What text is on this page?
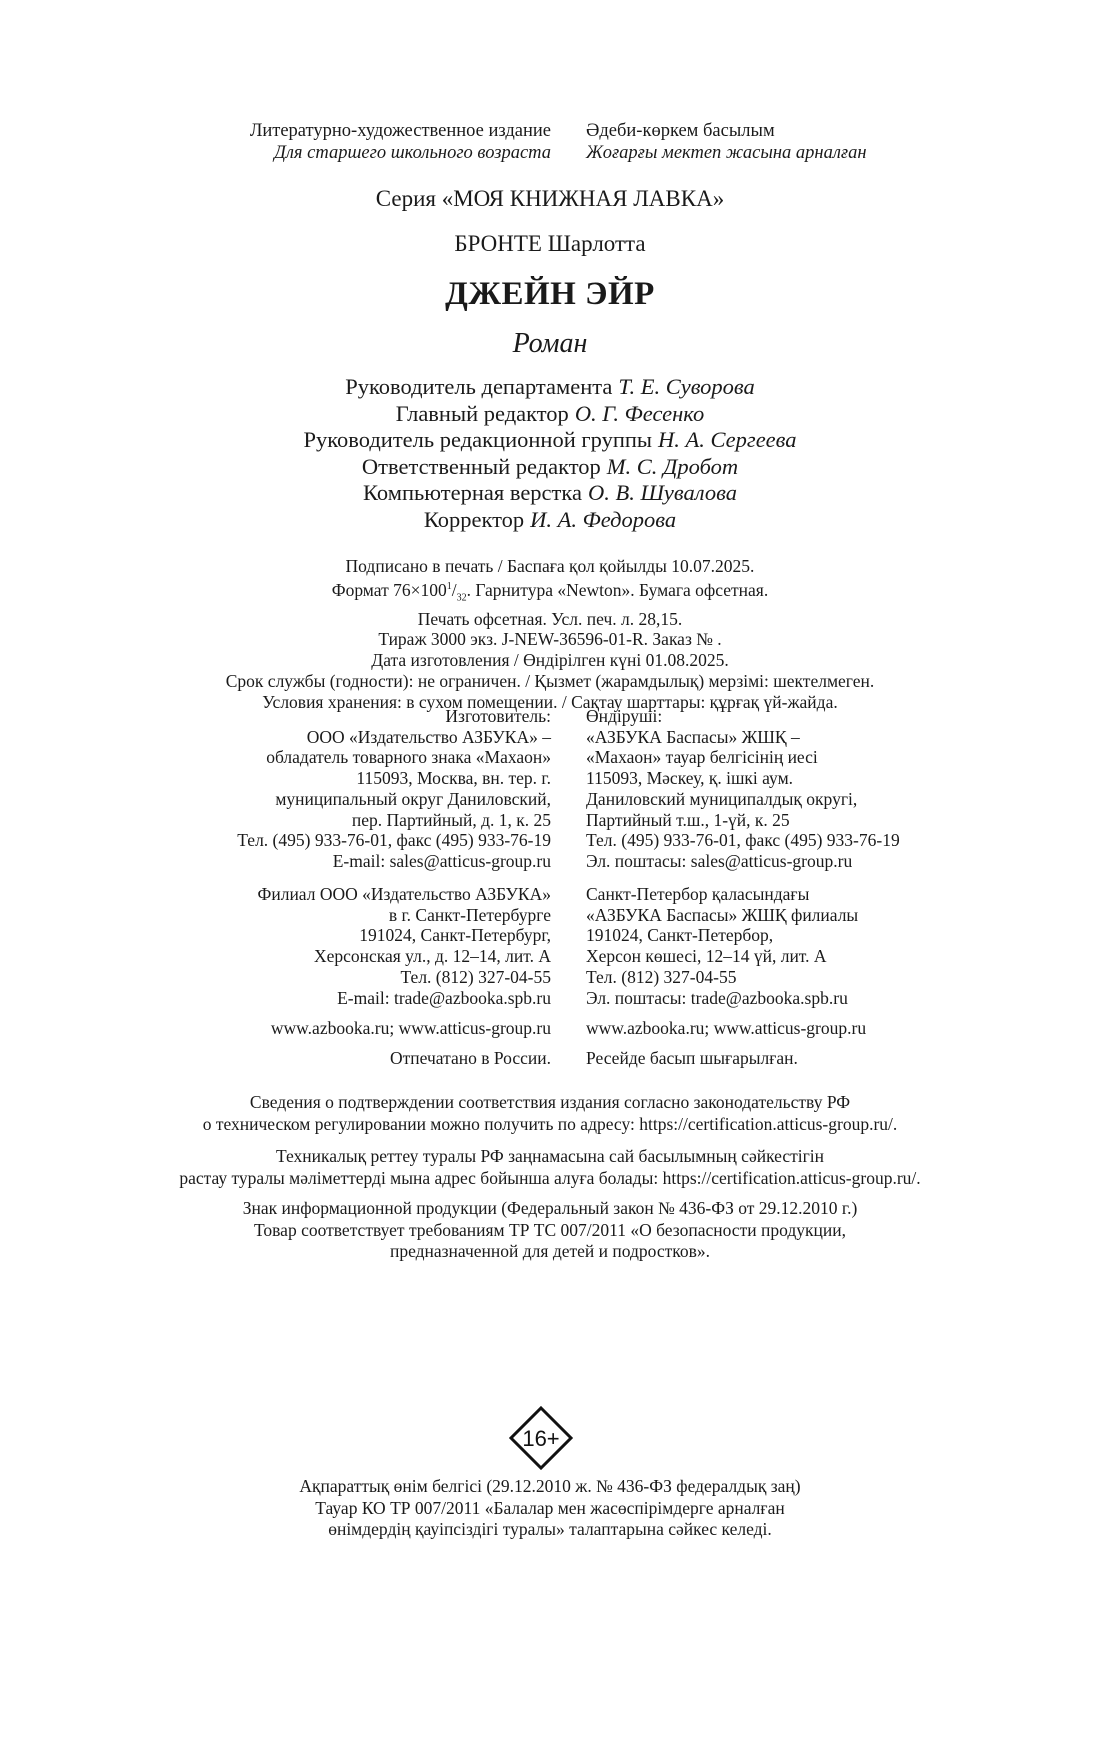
Литературно-художественное издание
Для старшего школьного возраста
Әдеби-көркем басылым
Жоғарғы мектеп жасына арналған
Серия «МОЯ КНИЖНАЯ ЛАВКА»
БРОНТЕ Шарлотта
ДЖЕЙН ЭЙР
Роман
Руководитель департамента Т. Е. Суворова
Главный редактор О. Г. Фесенко
Руководитель редакционной группы Н. А. Сергеева
Ответственный редактор М. С. Дробот
Компьютерная верстка О. В. Шувалова
Корректор И. А. Федорова
Подписано в печать / Баспаға қол қойылды 10.07.2025.
Формат $76\times 100^1/_{32}$. Гарнитура «Newton». Бумага офсетная.
Печать офсетная. Усл. печ. л. 28,15.
Тираж 3000 экз. J-NEW-36596-01-R. Заказ № .
Дата изготовления / Өндірілген күні 01.08.2025.
Срок службы (годности): не ограничен. / Қызмет (жарамдылық) мерзімі: шектелмеген.
Условия хранения: в сухом помещении. / Сақтау шарттары: құрғақ үй-жайда.
Изготовитель:
ООО «Издательство АЗБУКА» –
обладатель товарного знака «Махаон»
115093, Москва, вн. тер. г.
муниципальный округ Даниловский,
пер. Партийный, д. 1, к. 25
Тел. (495) 933-76-01, факс (495) 933-76-19
E-mail: sales@atticus-group.ru
Өндіруші:
«АЗБУКА Баспасы» ЖШҚ –
«Махаон» тауар белгісінің иесі
115093, Мәскеу, қ. ішкі аум.
Даниловский муниципалдық округі,
Партийный т.ш., 1-үй, к. 25
Тел. (495) 933-76-01, факс (495) 933-76-19
Эл. поштасы: sales@atticus-group.ru
Филиал ООО «Издательство АЗБУКА»
в г. Санкт-Петербурге
191024, Санкт-Петербург,
Херсонская ул., д. 12–14, лит. А
Тел. (812) 327-04-55
E-mail: trade@azbooka.spb.ru
Санкт-Петербор қаласындағы
«АЗБУКА Баспасы» ЖШҚ филиалы
191024, Санкт-Петербор,
Херсон көшесі, 12–14 үй, лит. А
Тел. (812) 327-04-55
Эл. поштасы: trade@azbooka.spb.ru
www.azbooka.ru; www.atticus-group.ru www.azbooka.ru; www.atticus-group.ru
Отпечатано в России. Ресейде басып шығарылған.
Сведения о подтверждении соответствия издания согласно законодательству РФ
о техническом регулировании можно получить по адресу: https://certification.atticus-group.ru/.
Техникалық реттеу туралы РФ заңнамасына сай басылымның сәйкестігін
растау туралы мәліметтерді мына адрес бойынша алуға болады: https://certification.atticus-group.ru/.
Знак информационной продукции (Федеральный закон № 436-ФЗ от 29.12.2010 г.)
Товар соответствует требованиям ТР ТС 007/2011 «О безопасности продукции,
предназначенной для детей и подростков».
16+
Ақпараттық өнім белгісі (29.12.2010 ж. № 436-ФЗ федералдық заң)
Тауар КО ТР 007/2011 «Балалар мен жасөспірімдерге арналған
өнімдердің қауіпсіздігі туралы» талаптарына сәйкес келеді.
